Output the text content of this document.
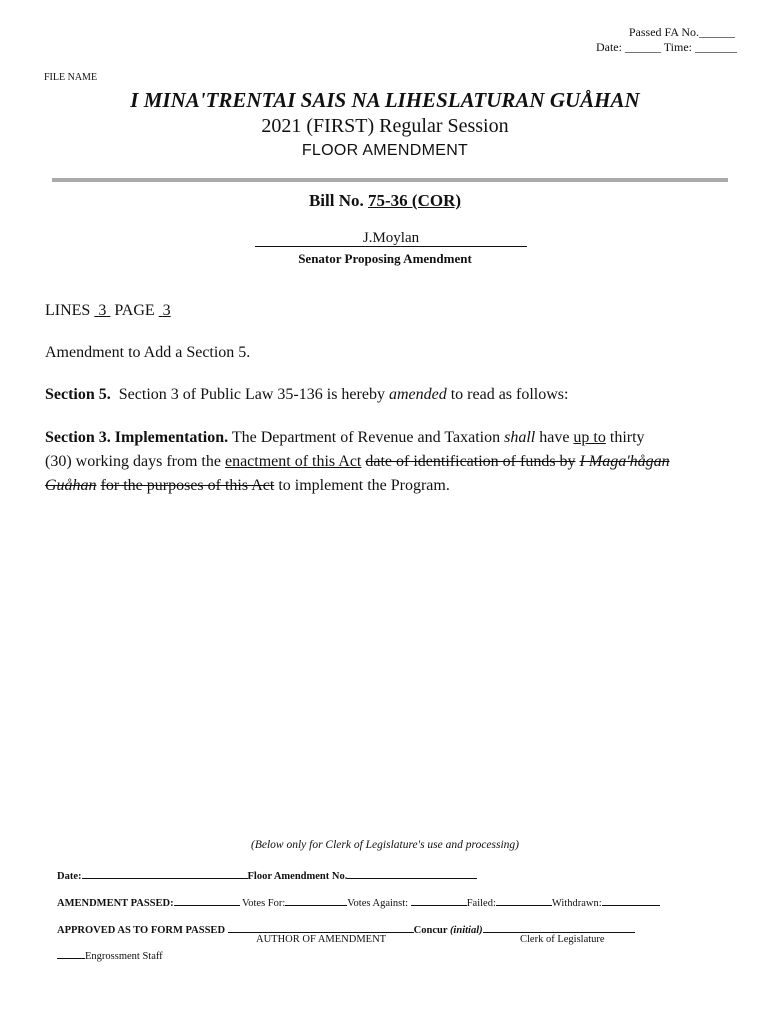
Passed FA No.______
Date: ______ Time: _______
FILE NAME
I MINA'TRENTAI SAIS NA LIHESLATURAN GUÅHAN
2021 (FIRST) Regular Session
FLOOR AMENDMENT
Bill No. 75-36 (COR)
J.Moylan
Senator Proposing Amendment
LINES 3 PAGE 3
Amendment to Add a Section 5.
Section 5. Section 3 of Public Law 35-136 is hereby amended to read as follows:
Section 3. Implementation. The Department of Revenue and Taxation shall have up to thirty
(30) working days from the enactment of this Act date of identification of funds by I Maga'hågan
Guåhan for the purposes of this Act to implement the Program.
(Below only for Clerk of Legislature's use and processing)
Date:	Floor Amendment No.
AMENDMENT PASSED:	Votes For:	Votes Against:	Failed:	Withdrawn:
APPROVED AS TO FORM PASSED	Concur (initial)
AUTHOR OF AMENDMENT	Clerk of Legislature
Engrossment Staff
